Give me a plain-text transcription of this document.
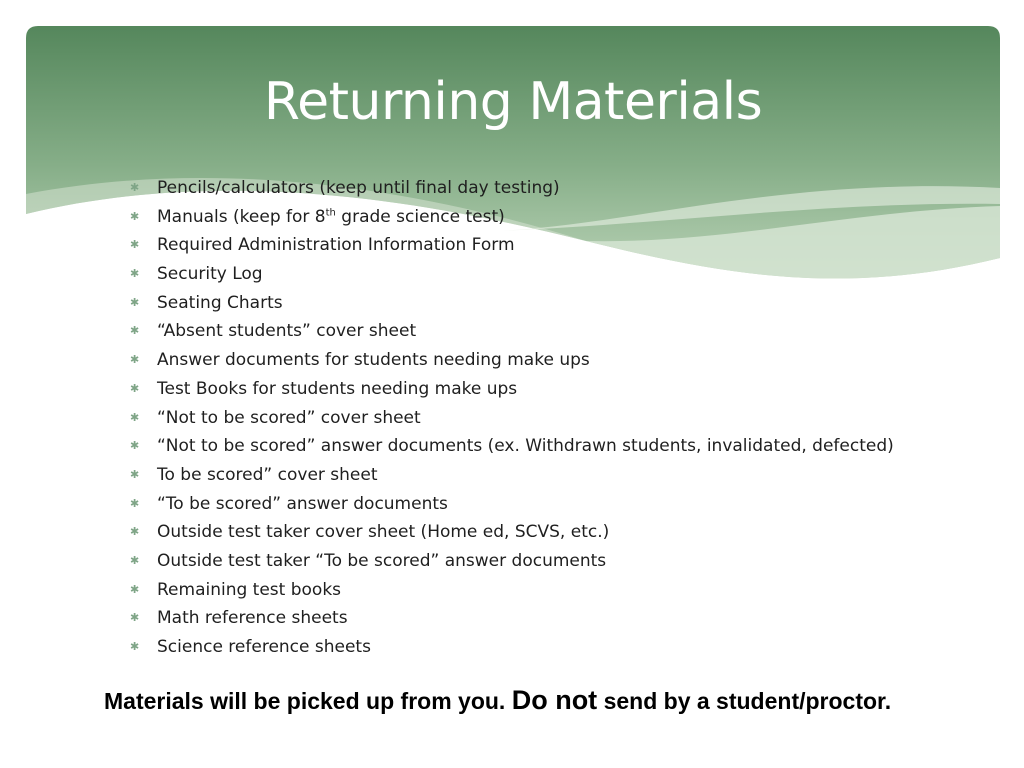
Returning Materials
✱ Pencils/calculators (keep until final day testing)
✱ Manuals (keep for 8th grade science test)
✱ Required Administration Information Form
✱ Security Log
✱ Seating Charts
✱ “Absent students” cover sheet
✱ Answer documents for students needing make ups
✱ Test Books for students needing make ups
✱ “Not to be scored” cover sheet
✱ “Not to be scored” answer documents (ex. Withdrawn students, invalidated, defected)
✱ To be scored” cover sheet
✱ “To be scored” answer documents
✱ Outside test taker cover sheet (Home ed, SCVS, etc.)
✱ Outside test taker “To be scored” answer documents
✱ Remaining test books
✱ Math reference sheets
✱ Science reference sheets

Materials will be picked up from you. Do not send by a student/proctor.
